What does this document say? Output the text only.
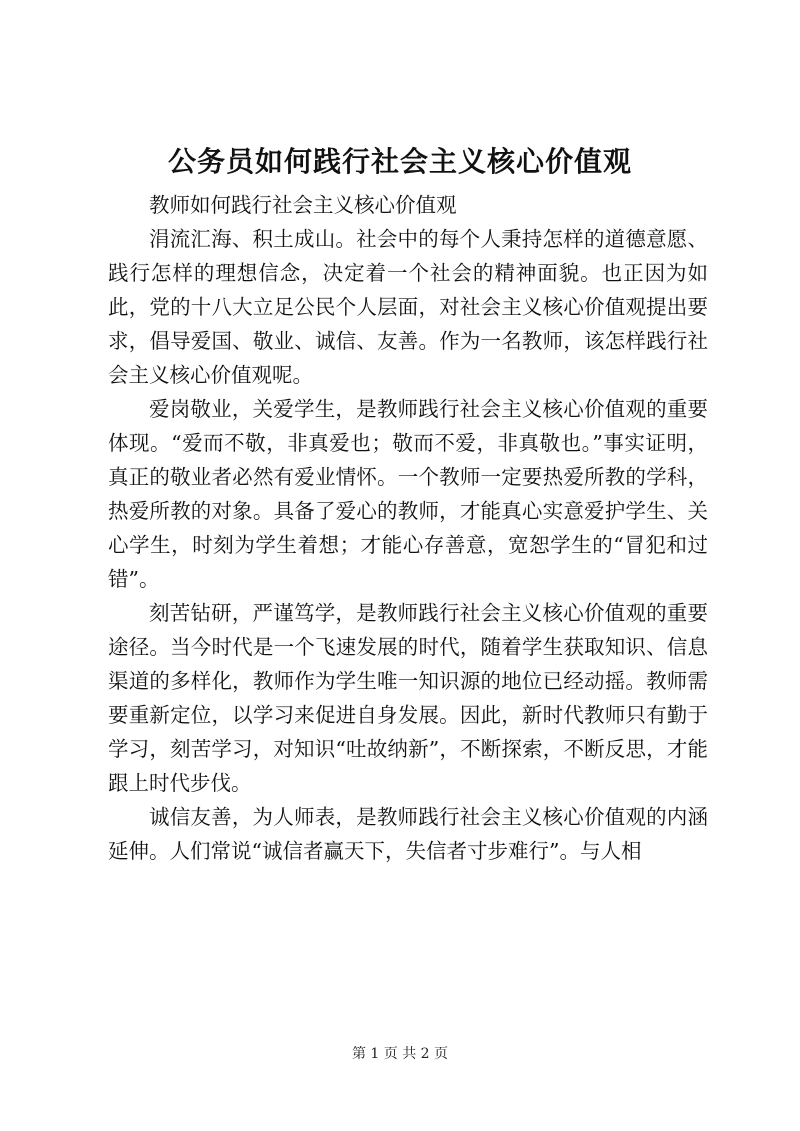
公务员如何践行社会主义核心价值观

教师如何践行社会主义核心价值观

涓流汇海、积土成山。社会中的每个人秉持怎样的道德意愿、践行怎样的理想信念，决定着一个社会的精神面貌。也正因为如此，党的十八大立足公民个人层面，对社会主义核心价值观提出要求，倡导爱国、敬业、诚信、友善。作为一名教师，该怎样践行社会主义核心价值观呢。

爱岗敬业，关爱学生，是教师践行社会主义核心价值观的重要体现。“爱而不敬，非真爱也；敬而不爱，非真敬也。”事实证明，真正的敬业者必然有爱业情怀。一个教师一定要热爱所教的学科，热爱所教的对象。具备了爱心的教师，才能真心实意爱护学生、关心学生，时刻为学生着想；才能心存善意，宽恕学生的“冒犯和过错”。

刻苦钻研，严谨笃学，是教师践行社会主义核心价值观的重要途径。当今时代是一个飞速发展的时代，随着学生获取知识、信息渠道的多样化，教师作为学生唯一知识源的地位已经动摇。教师需要重新定位，以学习来促进自身发展。因此，新时代教师只有勤于学习，刻苦学习，对知识“吐故纳新”，不断探索，不断反思，才能跟上时代步伐。

诚信友善，为人师表，是教师践行社会主义核心价值观的内涵延伸。人们常说“诚信者赢天下，失信者寸步难行”。与人相

第 1 页 共 2 页
